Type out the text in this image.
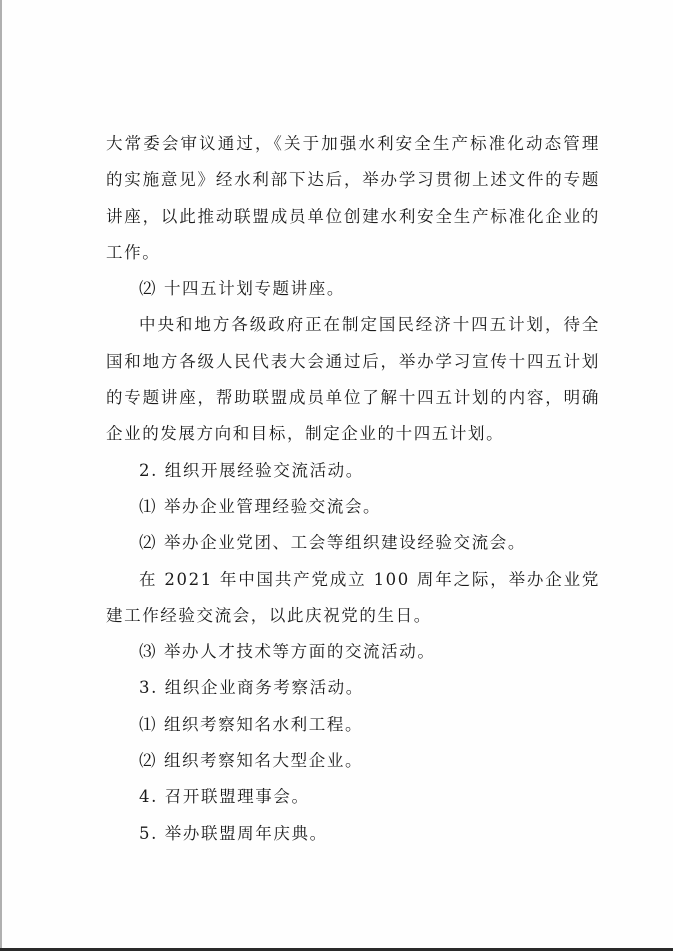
大常委会审议通过，《关于加强水利安全生产标准化动态管理的实施意见》经水利部下达后，举办学习贯彻上述文件的专题讲座，以此推动联盟成员单位创建水利安全生产标准化企业的工作。

⑵ 十四五计划专题讲座。

中央和地方各级政府正在制定国民经济十四五计划，待全国和地方各级人民代表大会通过后，举办学习宣传十四五计划的专题讲座，帮助联盟成员单位了解十四五计划的内容，明确企业的发展方向和目标，制定企业的十四五计划。

2. 组织开展经验交流活动。

⑴ 举办企业管理经验交流会。

⑵ 举办企业党团、工会等组织建设经验交流会。

在 2021 年中国共产党成立 100 周年之际，举办企业党建工作经验交流会，以此庆祝党的生日。

⑶ 举办人才技术等方面的交流活动。

3. 组织企业商务考察活动。

⑴ 组织考察知名水利工程。

⑵ 组织考察知名大型企业。

4. 召开联盟理事会。

5. 举办联盟周年庆典。
